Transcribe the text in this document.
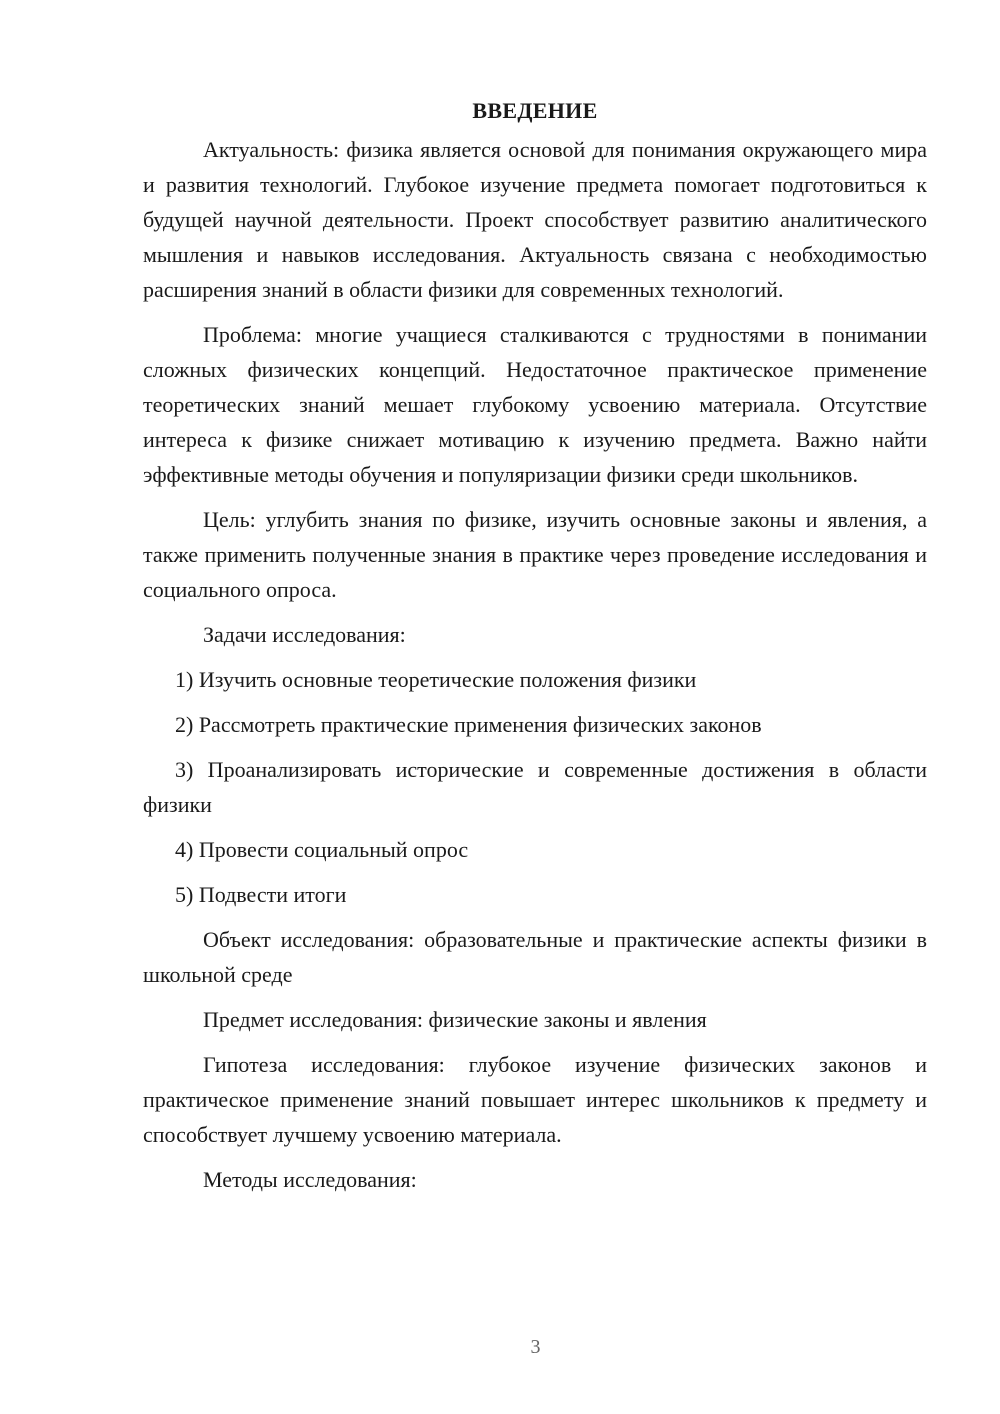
ВВЕДЕНИЕ

Актуальность: физика является основой для понимания окружающего мира и развития технологий. Глубокое изучение предмета помогает подготовиться к будущей научной деятельности. Проект способствует развитию аналитического мышления и навыков исследования. Актуальность связана с необходимостью расширения знаний в области физики для современных технологий.

Проблема: многие учащиеся сталкиваются с трудностями в понимании сложных физических концепций. Недостаточное практическое применение теоретических знаний мешает глубокому усвоению материала. Отсутствие интереса к физике снижает мотивацию к изучению предмета. Важно найти эффективные методы обучения и популяризации физики среди школьников.

Цель: углубить знания по физике, изучить основные законы и явления, а также применить полученные знания в практике через проведение исследования и социального опроса.

Задачи исследования:

1) Изучить основные теоретические положения физики

2) Рассмотреть практические применения физических законов

3) Проанализировать исторические и современные достижения в области физики

4) Провести социальный опрос

5) Подвести итоги

Объект исследования: образовательные и практические аспекты физики в школьной среде

Предмет исследования: физические законы и явления

Гипотеза исследования: глубокое изучение физических законов и практическое применение знаний повышает интерес школьников к предмету и способствует лучшему усвоению материала.

Методы исследования:

3
